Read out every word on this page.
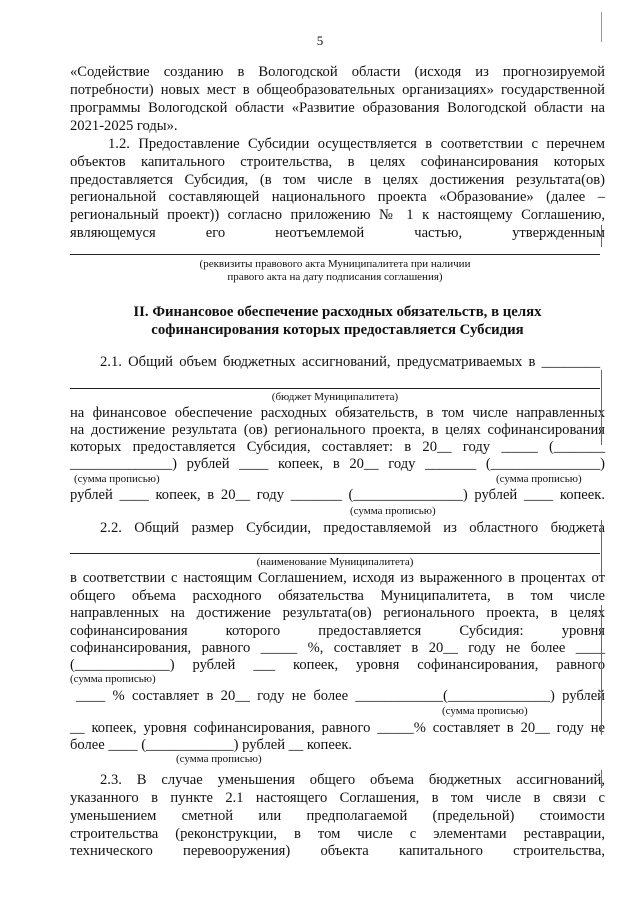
5

«Содействие созданию в Вологодской области (исходя из прогнозируемой

потребности) новых мест в общеобразовательных организациях» государственной

программы Вологодской области «Развитие образования Вологодской области на

2021-2025 годы».

1.2. Предоставление Субсидии осуществляется в соответствии с перечнем

объектов капитального строительства, в целях софинансирования которых

предоставляется Субсидия, (в том числе в целях достижения результата(ов)

региональной составляющей национального проекта «Образование» (далее –

региональный проект)) согласно приложению № 1 к настоящему Соглашению,

являющемуся его неотъемлемой частью, утвержденным

(реквизиты правового акта Муниципалитета при наличии
правого акта на дату подписания соглашения)
II. Финансовое обеспечение расходных обязательств, в целях
софинансирования которых предоставляется Субсидия

2.1. Общий объем бюджетных ассигнований, предусматриваемых в ________

(бюджет Муниципалитета)

на финансовое обеспечение расходных обязательств, в том числе направленных

на достижение результата (ов) регионального проекта, в целях софинансирования

которых предоставляется Субсидия, составляет: в 20__ году _____ (_______

______________) рублей ____ копеек, в 20__ году _______ (_______________)

(сумма прописью)	(сумма прописью)

рублей ____ копеек, в 20__ году _______ (_______________) рублей ____ копеек.

(сумма прописью)

2.2. Общий размер Субсидии, предоставляемой из областного бюджета

(наименование Муниципалитета)

в соответствии с настоящим Соглашением, исходя из выраженного в процентах от

общего объема расходного обязательства Муниципалитета, в том числе

направленных на достижение результата(ов) регионального проекта, в целях

софинансирования которого предоставляется Субсидия: уровня

софинансирования, равного _____ %, составляет в 20__ году не более ____

(_____________) рублей ___ копеек, уровня софинансирования, равного

(сумма прописью)

____ % составляет в 20__ году не более ____________(______________) рублей

(сумма прописью)

__ копеек, уровня софинансирования, равного _____% составляет в 20__ году не

более ____ (____________) рублей __ копеек.

(сумма прописью)

2.3. В случае уменьшения общего объема бюджетных ассигнований,

указанного в пункте 2.1 настоящего Соглашения, в том числе в связи с

уменьшением сметной или предполагаемой (предельной) стоимости

строительства (реконструкции, в том числе с элементами реставрации,

технического перевооружения) объекта капитального строительства,
